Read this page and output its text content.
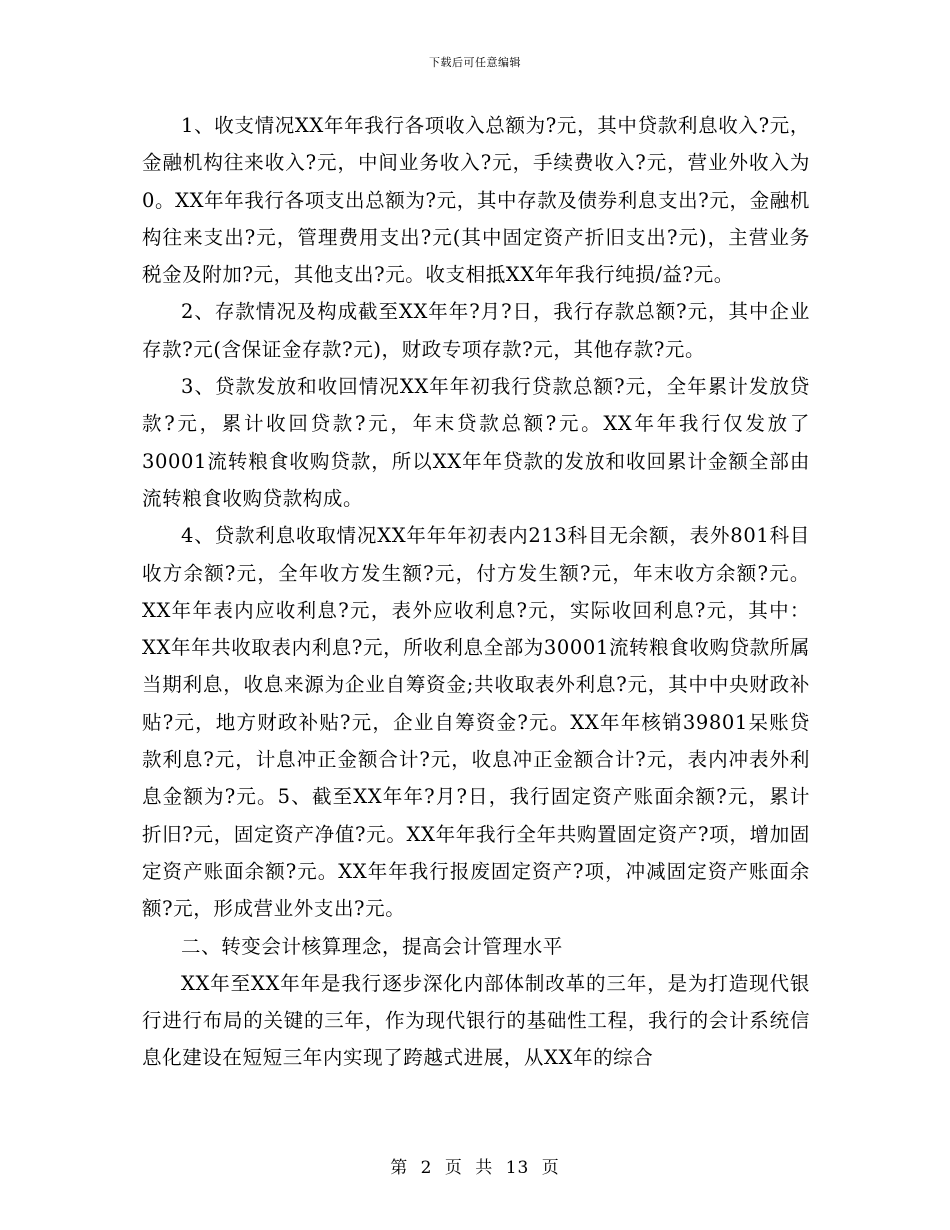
下载后可任意编辑

1、收支情况XX年年我行各项收入总额为?元，其中贷款利息收入?元，金融机构往来收入?元，中间业务收入?元，手续费收入?元，营业外收入为0。XX年年我行各项支出总额为?元，其中存款及债券利息支出?元，金融机构往来支出?元，管理费用支出?元(其中固定资产折旧支出?元)，主营业务税金及附加?元，其他支出?元。收支相抵XX年年我行纯损/益?元。

2、存款情况及构成截至XX年年?月?日，我行存款总额?元，其中企业存款?元(含保证金存款?元)，财政专项存款?元，其他存款?元。

3、贷款发放和收回情况XX年年初我行贷款总额?元，全年累计发放贷款?元，累计收回贷款?元，年末贷款总额?元。XX年年我行仅发放了30001流转粮食收购贷款，所以XX年年贷款的发放和收回累计金额全部由流转粮食收购贷款构成。

4、贷款利息收取情况XX年年年初表内213科目无余额，表外801科目收方余额?元，全年收方发生额?元，付方发生额?元，年末收方余额?元。XX年年表内应收利息?元，表外应收利息?元，实际收回利息?元，其中：XX年年共收取表内利息?元，所收利息全部为30001流转粮食收购贷款所属当期利息，收息来源为企业自筹资金;共收取表外利息?元，其中中央财政补贴?元，地方财政补贴?元，企业自筹资金?元。XX年年核销39801呆账贷款利息?元，计息冲正金额合计?元，收息冲正金额合计?元，表内冲表外利息金额为?元。5、截至XX年年?月?日，我行固定资产账面余额?元，累计折旧?元，固定资产净值?元。XX年年我行全年共购置固定资产?项，增加固定资产账面余额?元。XX年年我行报废固定资产?项，冲减固定资产账面余额?元，形成营业外支出?元。

二、转变会计核算理念，提高会计管理水平

XX年至XX年年是我行逐步深化内部体制改革的三年，是为打造现代银行进行布局的关键的三年，作为现代银行的基础性工程，我行的会计系统信息化建设在短短三年内实现了跨越式进展，从XX年的综合

第 2 页 共 13 页
